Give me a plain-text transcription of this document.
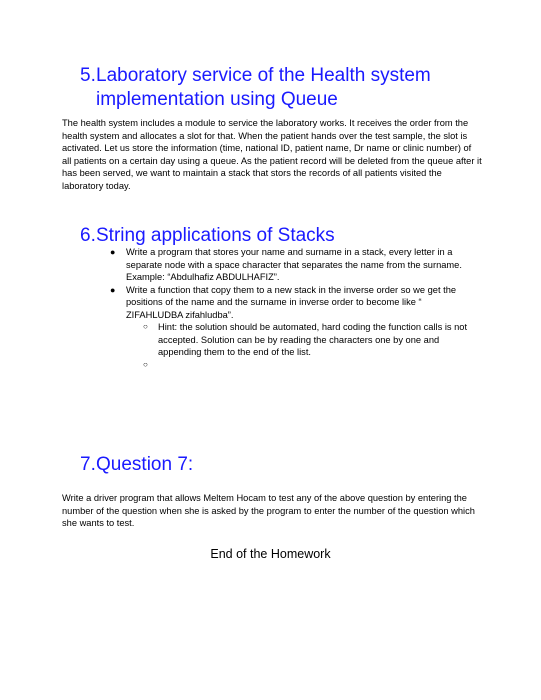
5.Laboratory service of the Health system
implementation using Queue

The health system includes a module to service the laboratory works. It receives the order from the health system and allocates a slot for that. When the patient hands over the test sample, the slot is activated. Let us store the information (time, national ID, patient name, Dr name or clinic number) of all patients on a certain day using a queue. As the patient record will be deleted from the queue after it has been served, we want to maintain a stack that stors the records of all patients visited the laboratory today.

6.String applications of Stacks
● Write a program that stores your name and surname in a stack, every letter in a separate node with a space character that separates the name from the surname. Example: “Abdulhafiz ABDULHAFIZ”.
● Write a function that copy them to a new stack in the inverse order so we get the positions of the name and the surname in inverse order to become like “ ZIFAHLUDBA zifahludba”.
○ Hint: the solution should be automated, hard coding the function calls is not accepted. Solution can be by reading the characters one by one and appending them to the end of the list.
○
7.Question 7:

Write a driver program that allows Meltem Hocam to test any of the above question by entering the number of the question when she is asked by the program to enter the number of the question which she wants to test.

End of the Homework
